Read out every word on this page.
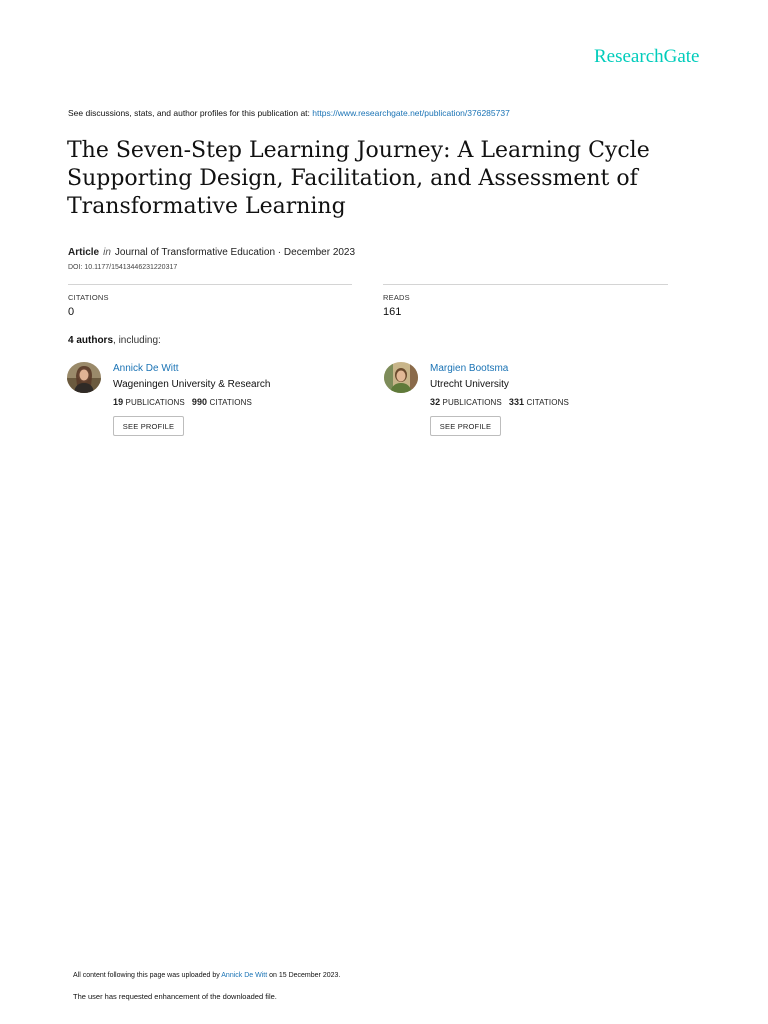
ResearchGate
See discussions, stats, and author profiles for this publication at: https://www.researchgate.net/publication/376285737
The Seven-Step Learning Journey: A Learning Cycle Supporting Design, Facilitation, and Assessment of Transformative Learning
Article in Journal of Transformative Education · December 2023
DOI: 10.1177/15413446231220317
CITATIONS
0
READS
161
4 authors, including:
Annick De Witt
Wageningen University & Research
19 PUBLICATIONS 990 CITATIONS
SEE PROFILE
Margien Bootsma
Utrecht University
32 PUBLICATIONS 331 CITATIONS
SEE PROFILE
All content following this page was uploaded by Annick De Witt on 15 December 2023.
The user has requested enhancement of the downloaded file.
